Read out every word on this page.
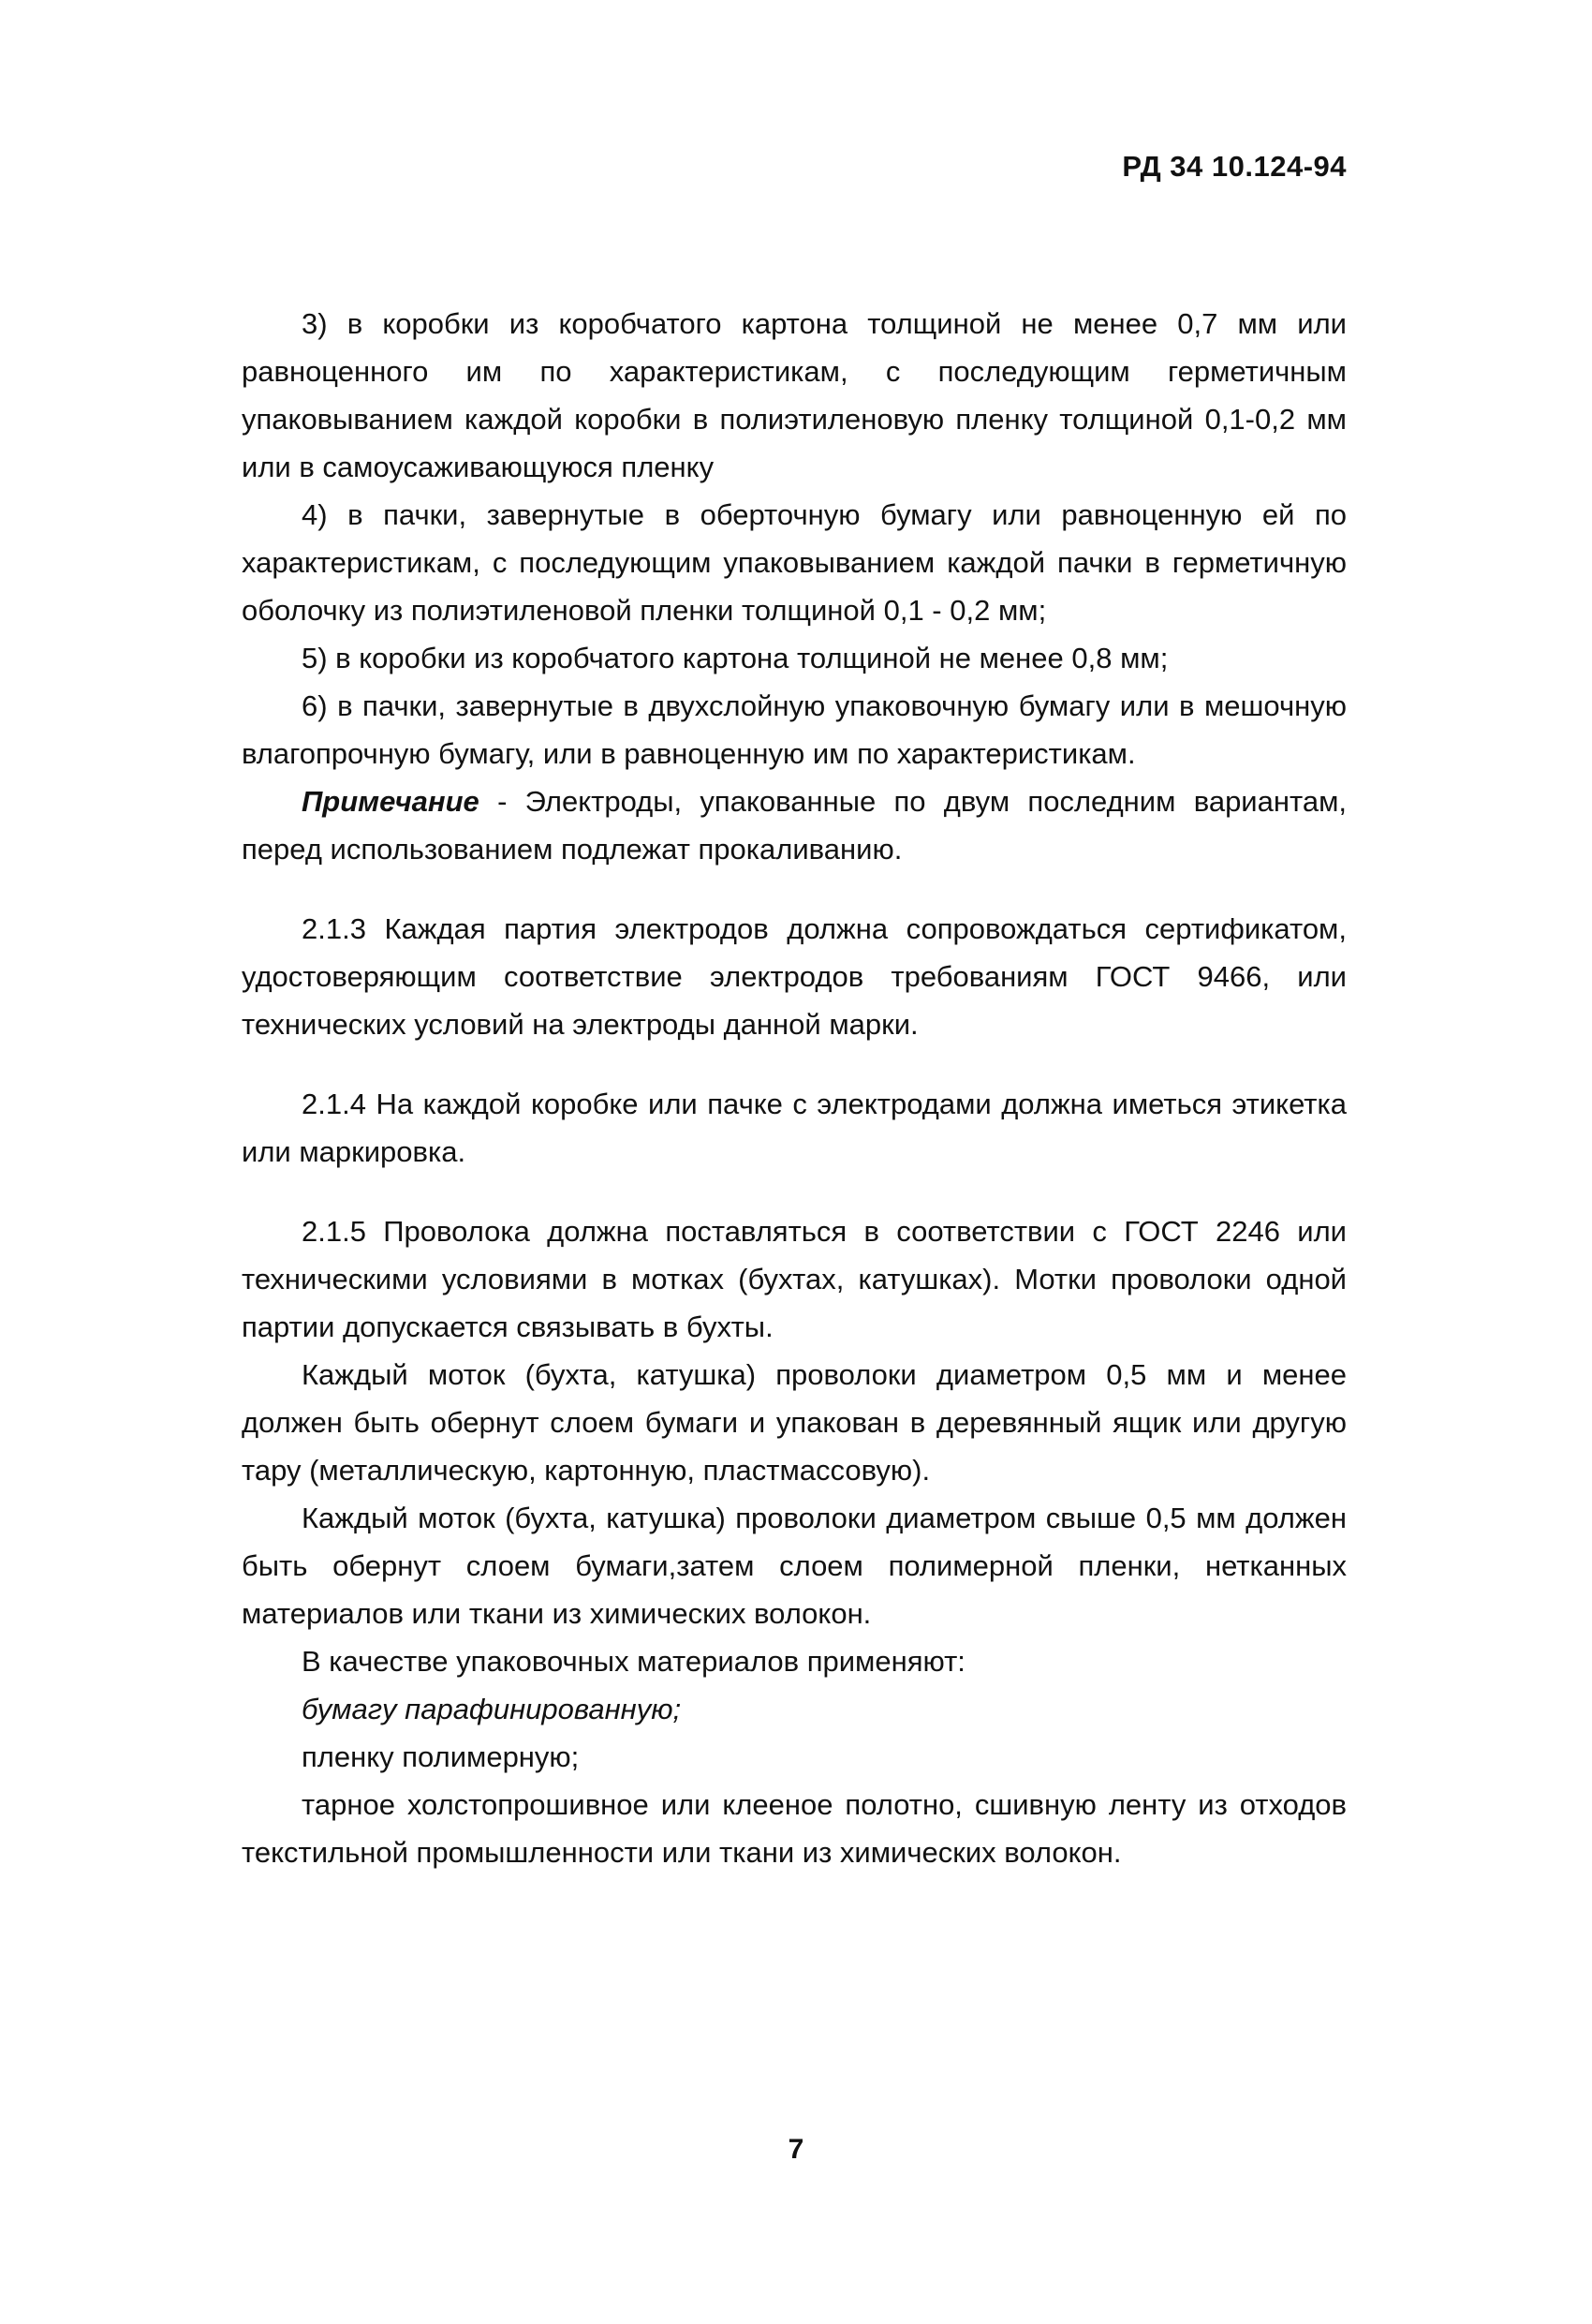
РД 34 10.124-94

3) в коробки из коробчатого картона толщиной не менее 0,7 мм или равноценного им по характеристикам, с последующим герметичным упаковыванием каждой коробки в полиэтиленовую пленку толщиной 0,1-0,2 мм или в самоусаживающуюся пленку

4) в пачки, завернутые в оберточную бумагу или равноценную ей по характеристикам, с последующим упаковыванием каждой пачки в герметичную оболочку из полиэтиленовой пленки толщиной 0,1 - 0,2 мм;

5) в коробки из коробчатого картона толщиной не менее 0,8 мм;

6) в пачки, завернутые в двухслойную упаковочную бумагу или в мешочную влагопрочную бумагу, или в равноценную им по характеристикам.

Примечание - Электроды, упакованные по двум последним вариантам, перед использованием подлежат прокаливанию.

2.1.3 Каждая партия электродов должна сопровождаться сертификатом, удостоверяющим соответствие электродов требованиям ГОСТ 9466, или технических условий на электроды данной марки.

2.1.4 На каждой коробке или пачке с электродами должна иметься этикетка или маркировка.

2.1.5 Проволока должна поставляться в соответствии с ГОСТ 2246 или техническими условиями в мотках (бухтах, катушках). Мотки проволоки одной партии допускается связывать в бухты.

Каждый моток (бухта, катушка) проволоки диаметром 0,5 мм и менее должен быть обернут слоем бумаги и упакован в деревянный ящик или другую тару (металлическую, картонную, пластмассовую).

Каждый моток (бухта, катушка) проволоки диаметром свыше 0,5 мм должен быть обернут слоем бумаги,затем слоем полимерной пленки, нетканных материалов или ткани из химических волокон.

В качестве упаковочных материалов применяют:

бумагу парафинированную;

пленку полимерную;

тарное холстопрошивное или клееное полотно, сшивную ленту из отходов текстильной промышленности или ткани из химических волокон.

7
